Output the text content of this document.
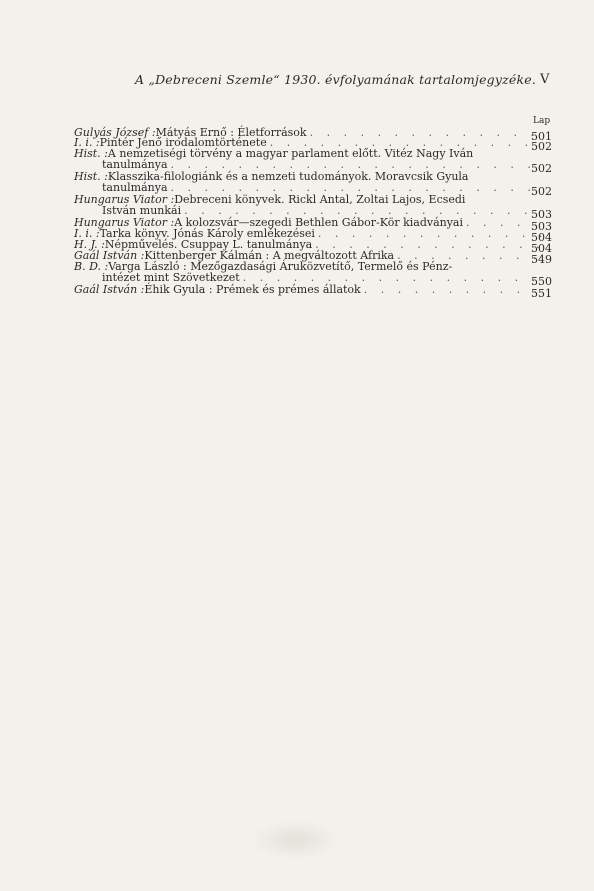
A „Debreceni Szemle“ 1930. évfolyamának tartalomjegyzéke. V
Lap
Gulyás József : Mátyás Ernő : Életforrások . . .	501
I. i. : Pintér Jenő irodalomtörténete . . .	502
Hist. : A nemzetiségi törvény a magyar parlament előtt. Vitéz Nagy Iván
tanulmánya . . .	502
Hist. : Klasszika-filologiánk és a nemzeti tudományok. Moravcsik Gyula
tanulmánya . . .	502
Hungarus Viator : Debreceni könyvek. Rickl Antal, Zoltai Lajos, Ecsedi
István munkái . . .	503
Hungarus Viator : A kolozsvár—szegedi Bethlen Gábor-Kör kiadványai . . .	503
I. i. : Tarka könyv. Jónás Károly emlékezései . . .	504
H. J. : Népművelés. Csuppay L. tanulmánya . . .	504
Gaál István : Kittenberger Kálmán : A megváltozott Afrika . . .	549
B. D. : Varga László : Mezőgazdasági Áruközvetítő, Termelő és Pénz-
intézet mint Szövetkezet . . .	550
Gaál István : Éhik Gyula : Prémek és prémes állatok . . .	551
